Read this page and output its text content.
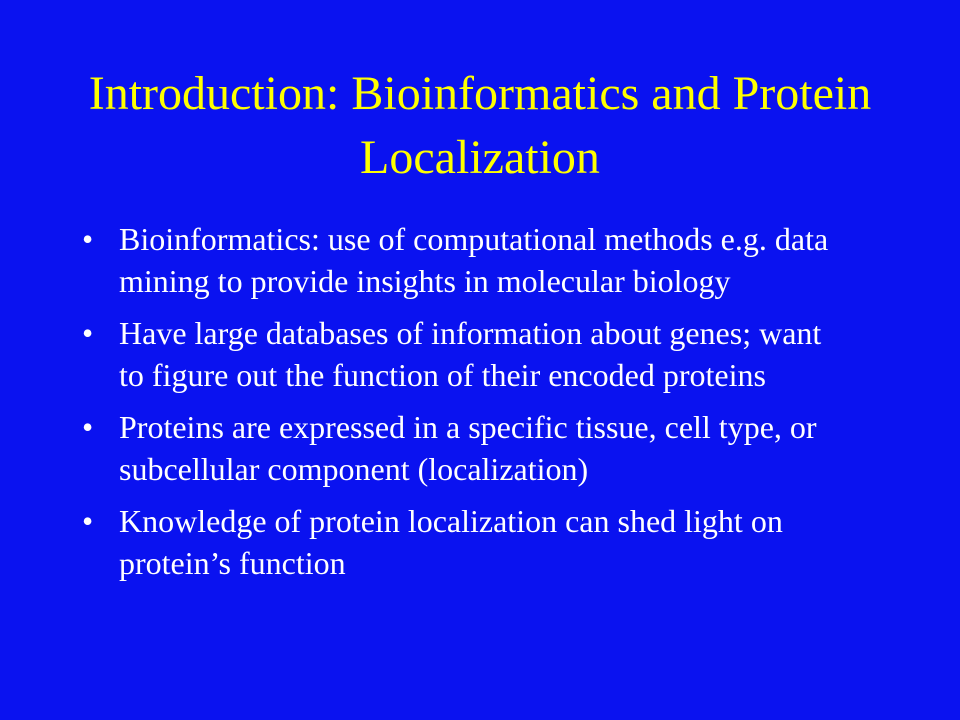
Introduction: Bioinformatics and Protein Localization
• Bioinformatics: use of computational methods e.g. data mining to provide insights in molecular biology
• Have large databases of information about genes; want to figure out the function of their encoded proteins
• Proteins are expressed in a specific tissue, cell type, or subcellular component (localization)
• Knowledge of protein localization can shed light on protein’s function
